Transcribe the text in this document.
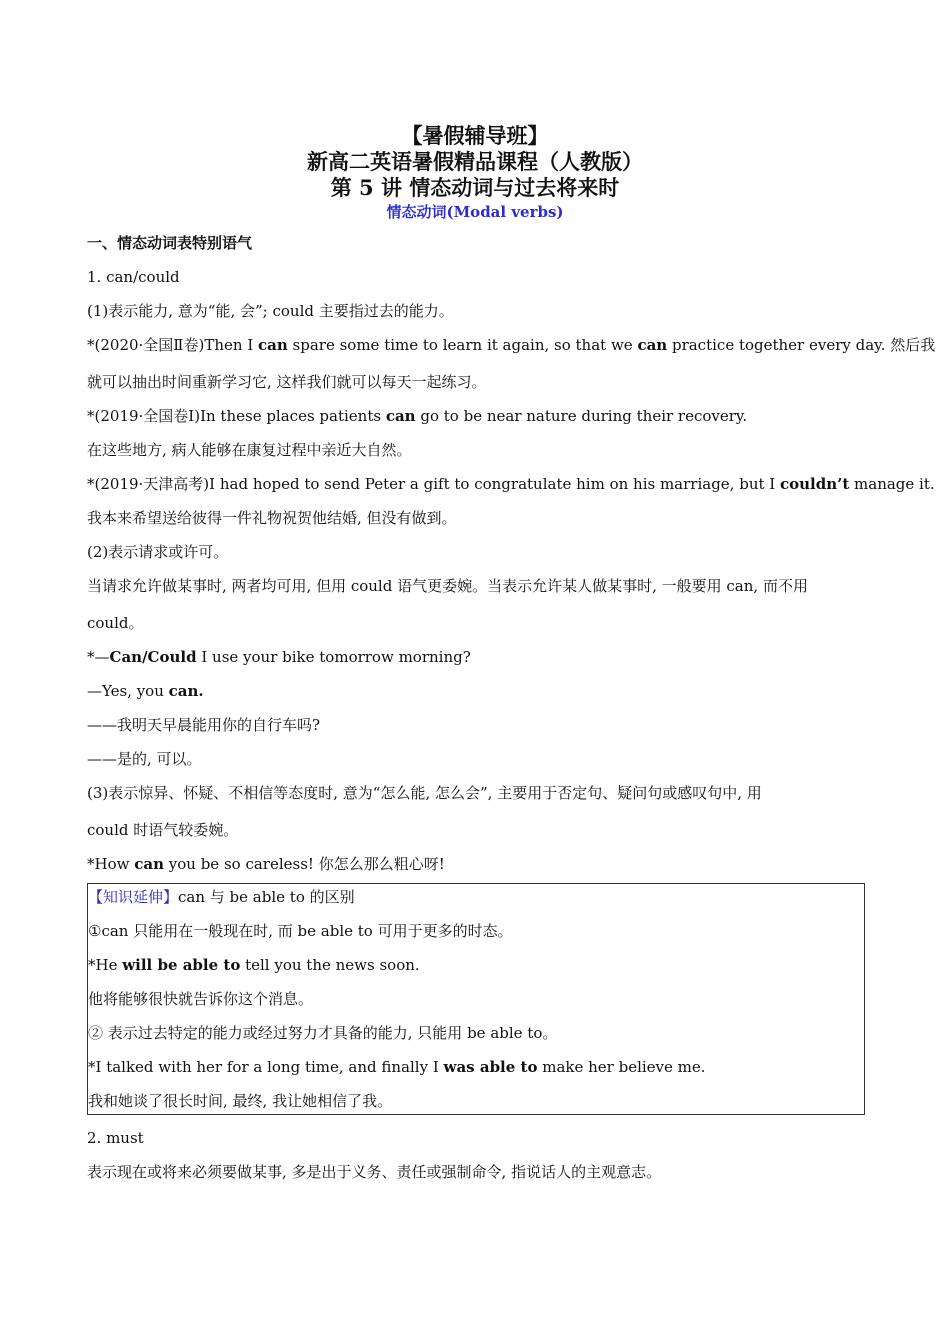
【暑假辅导班】
新高二英语暑假精品课程（人教版）
第 5 讲 情态动词与过去将来时
情态动词(Modal verbs)

一、情态动词表特别语气

1. can/could

(1)表示能力, 意为“能, 会”; could 主要指过去的能力。

*(2020·全国Ⅱ卷)Then I can spare some time to learn it again, so that we can practice together every day. 然后我

就可以抽出时间重新学习它, 这样我们就可以每天一起练习。

*(2019·全国卷Ⅰ)In these places patients can go to be near nature during their recovery.

在这些地方, 病人能够在康复过程中亲近大自然。

*(2019·天津高考)I had hoped to send Peter a gift to congratulate him on his marriage, but I couldn’t manage it.

我本来希望送给彼得一件礼物祝贺他结婚, 但没有做到。

(2)表示请求或许可。

当请求允许做某事时, 两者均可用, 但用 could 语气更委婉。当表示允许某人做某事时, 一般要用 can, 而不用

could。

*—Can/Could I use your bike tomorrow morning?

—Yes, you can.

——我明天早晨能用你的自行车吗?

——是的, 可以。

(3)表示惊异、怀疑、不相信等态度时, 意为“怎么能, 怎么会”, 主要用于否定句、疑问句或感叹句中, 用

could 时语气较委婉。

*How can you be so careless! 你怎么那么粗心呀!

【知识延伸】can 与 be able to 的区别

①can 只能用在一般现在时, 而 be able to 可用于更多的时态。

*He will be able to tell you the news soon.

他将能够很快就告诉你这个消息。

② 表示过去特定的能力或经过努力才具备的能力, 只能用 be able to。

*I talked with her for a long time, and finally I was able to make her believe me.

我和她谈了很长时间, 最终, 我让她相信了我。

2. must

表示现在或将来必须要做某事, 多是出于义务、责任或强制命令, 指说话人的主观意志。
